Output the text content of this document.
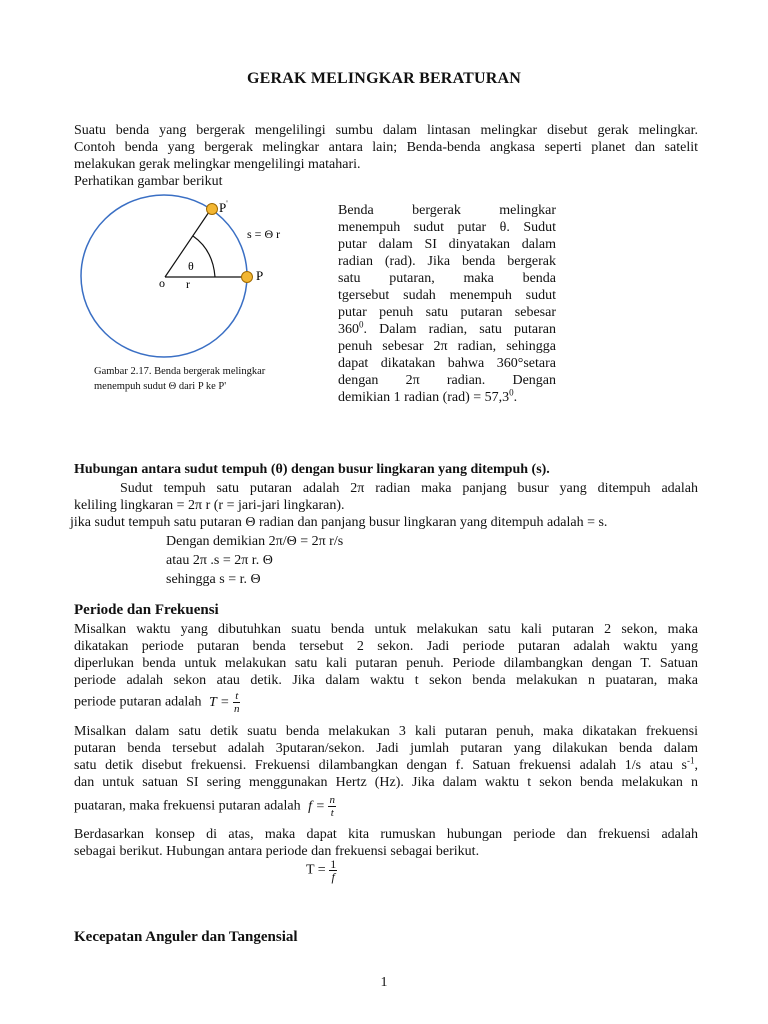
GERAK MELINGKAR BERATURAN
Suatu benda yang bergerak mengelilingi sumbu dalam lintasan melingkar disebut gerak melingkar.
Contoh benda yang bergerak melingkar antara lain; Benda-benda angkasa seperti planet dan satelit
melakukan gerak melingkar mengelilingi matahari.
Perhatikan gambar berikut
P'
P
o r
θ
s = Θ r
Gambar 2.17. Benda bergerak melingkar
menempuh sudut Θ dari P ke P'
Benda bergerak melingkar
menempuh sudut putar θ. Sudut
putar dalam SI dinyatakan dalam
radian (rad). Jika benda bergerak
satu putaran, maka benda
tgersebut sudah menempuh sudut
putar penuh satu putaran sebesar
$360^0$. Dalam radian, satu putaran
penuh sebesar 2π radian, sehingga
dapat dikatakan bahwa 360°setara
dengan 2π radian. Dengan
demikian 1 radian $(rad) = 57,3^0$.
Hubungan antara sudut tempuh (θ) dengan busur lingkaran yang ditempuh (s).
Sudut tempuh satu putaran adalah 2π radian maka panjang busur yang ditempuh adalah
keliling lingkaran = 2π r (r = jari-jari lingkaran).
jika sudut tempuh satu putaran Θ radian dan panjang busur lingkaran yang ditempuh adalah = s.
Dengan demikian 2π/Θ = 2π r/s
atau 2π .s = 2π r. Θ
sehingga s = r. Θ
Periode dan Frekuensi
Misalkan waktu yang dibutuhkan suatu benda untuk melakukan satu kali putaran 2 sekon, maka
dikatakan periode putaran benda tersebut 2 sekon. Jadi periode putaran adalah waktu yang
diperlukan benda untuk melakukan satu kali putaran penuh. Periode dilambangkan dengan T. Satuan
periode adalah sekon atau detik. Jika dalam waktu t sekon benda melakukan n puataran, maka
periode putaran adalah $T = \frac{t}{n}$
Misalkan dalam satu detik suatu benda melakukan 3 kali putaran penuh, maka dikatakan frekuensi
putaran benda tersebut adalah 3putaran/sekon. Jadi jumlah putaran yang dilakukan benda dalam
satu detik disebut frekuensi. Frekuensi dilambangkan dengan f. Satuan frekuensi adalah 1/s atau $s^{-1}$,
dan untuk satuan SI sering menggunakan Hertz (Hz). Jika dalam waktu t sekon benda melakukan n
puataran, maka frekuensi putaran adalah $f = \frac{n}{t}$
Berdasarkan konsep di atas, maka dapat kita rumuskan hubungan periode dan frekuensi adalah
sebagai berikut. Hubungan antara periode dan frekuensi sebagai berikut.
$T = \frac{1}{f}$
Kecepatan Anguler dan Tangensial
1
